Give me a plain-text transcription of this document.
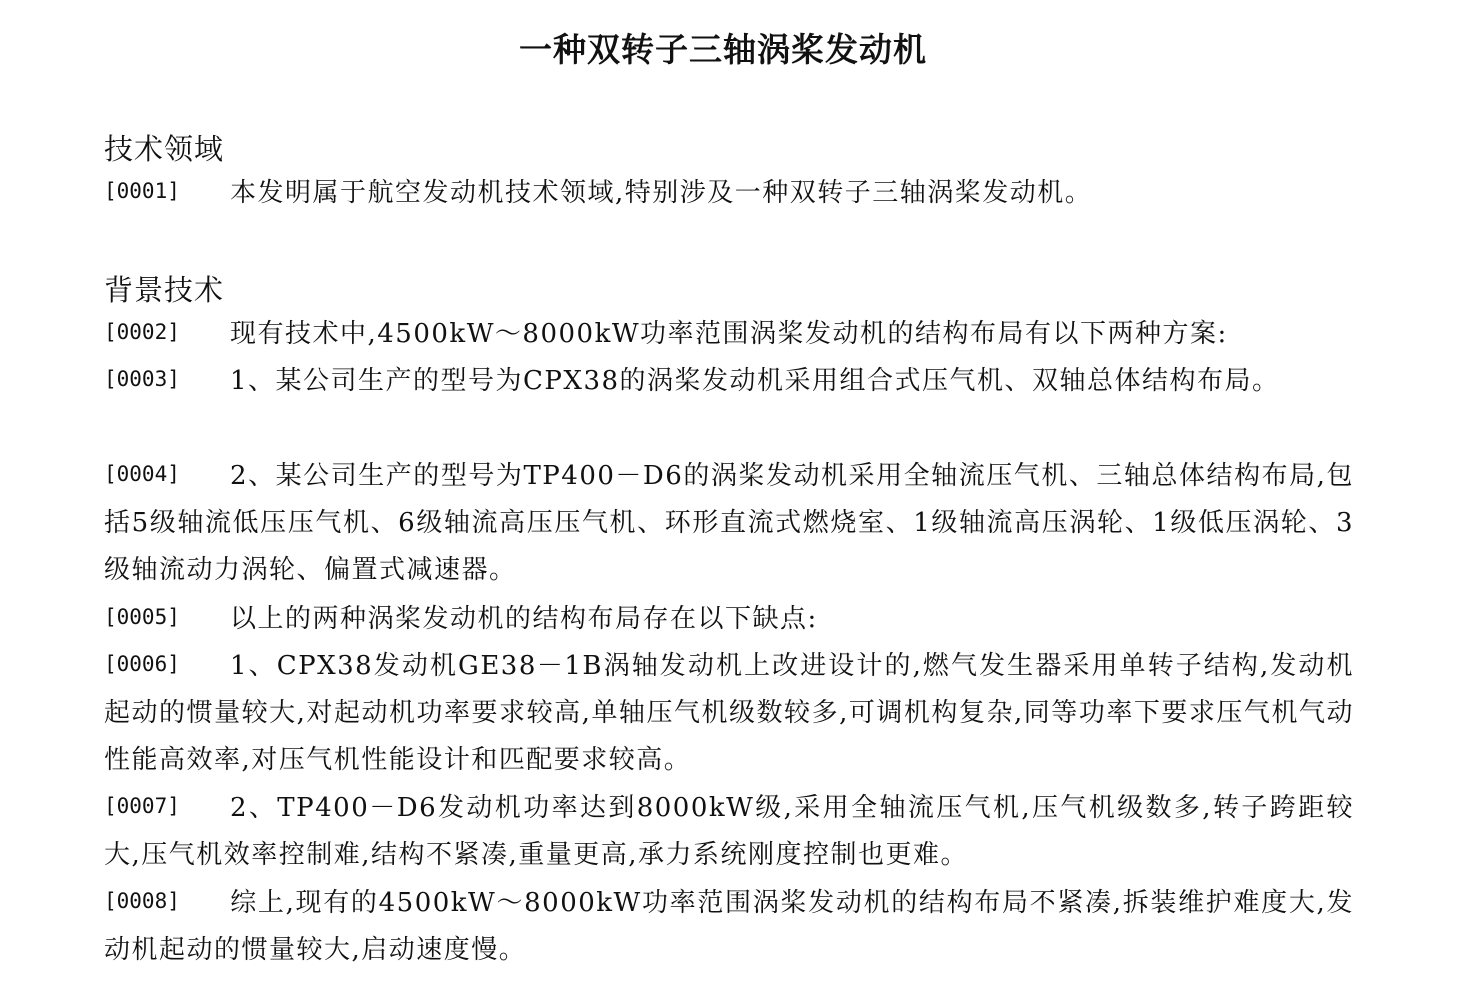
一种双转子三轴涡桨发动机
技术领域
[0001] 本发明属于航空发动机技术领域,特别涉及一种双转子三轴涡桨发动机。
背景技术
[0002] 现有技术中,4500kW～8000kW功率范围涡桨发动机的结构布局有以下两种方案:
[0003] 1、某公司生产的型号为CPX38的涡桨发动机采用组合式压气机、双轴总体结构布局。
[0004] 2、某公司生产的型号为TP400－D6的涡桨发动机采用全轴流压气机、三轴总体结构布局,包括5级轴流低压压气机、6级轴流高压压气机、环形直流式燃烧室、1级轴流高压涡轮、1级低压涡轮、3级轴流动力涡轮、偏置式减速器。
[0005] 以上的两种涡桨发动机的结构布局存在以下缺点:
[0006] 1、CPX38发动机GE38－1B涡轴发动机上改进设计的,燃气发生器采用单转子结构,发动机起动的惯量较大,对起动机功率要求较高,单轴压气机级数较多,可调机构复杂,同等功率下要求压气机气动性能高效率,对压气机性能设计和匹配要求较高。
[0007] 2、TP400－D6发动机功率达到8000kW级,采用全轴流压气机,压气机级数多,转子跨距较大,压气机效率控制难,结构不紧凑,重量更高,承力系统刚度控制也更难。
[0008] 综上,现有的4500kW～8000kW功率范围涡桨发动机的结构布局不紧凑,拆装维护难度大,发动机起动的惯量较大,启动速度慢。
